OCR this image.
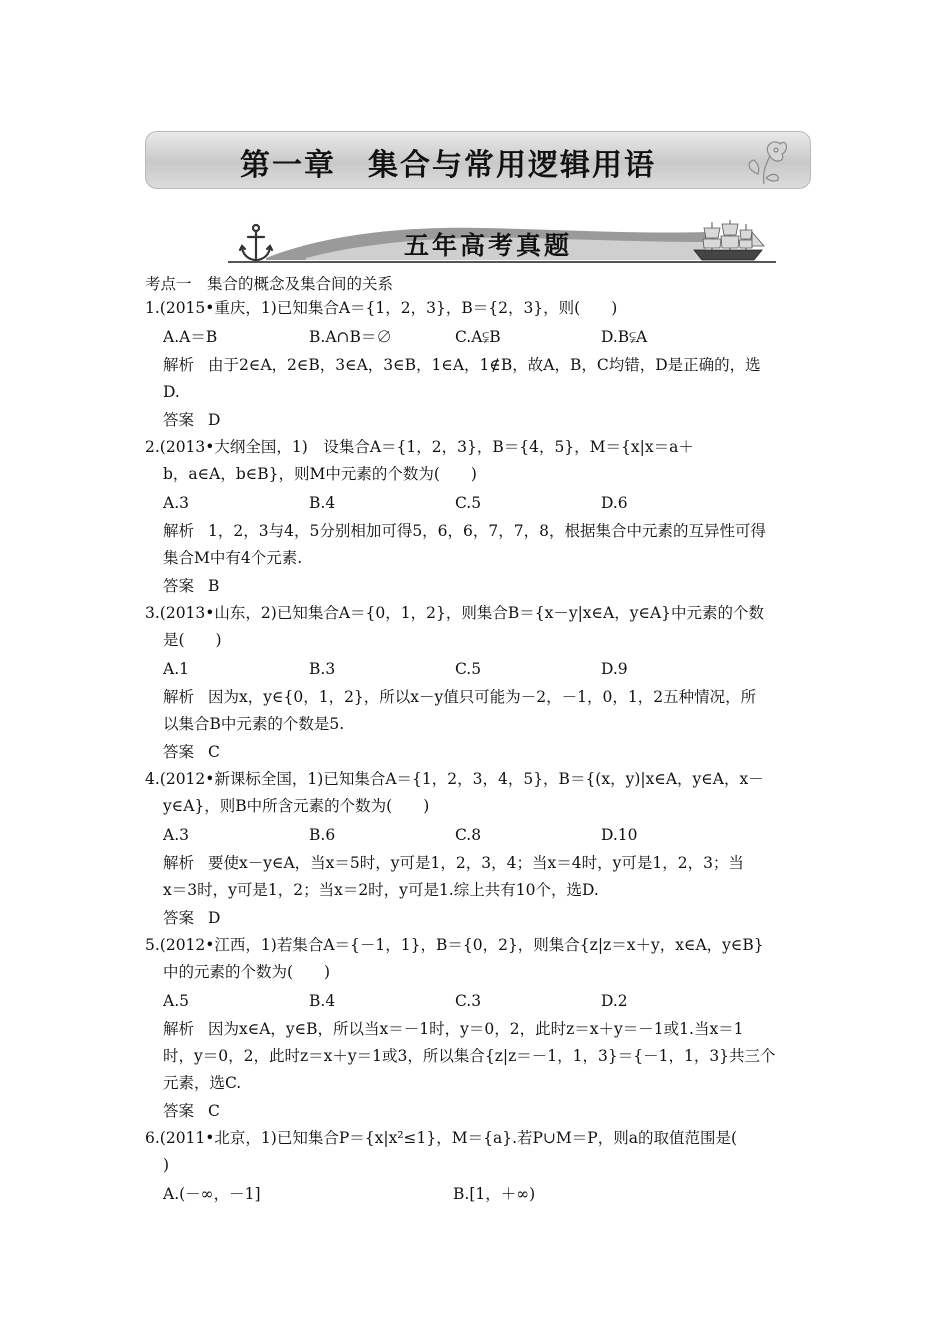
第一章　集合与常用逻辑用语
五年高考真题
考点一　集合的概念及集合间的关系
1.(2015•重庆，1)已知集合A＝{1，2，3}，B＝{2，3}，则(　　)
A.A＝B	B.A∩B＝∅	C.A⫋B	D.B⫋A
解析 由于2∈A，2∈B，3∈A，3∈B，1∈A，1∉B，故A，B，C均错，D是正确的，选
D.
答案 D
2.(2013•大纲全国，1)　设集合A＝{1，2，3}，B＝{4，5}，M＝{x|x＝a＋
b，a∈A，b∈B}，则M中元素的个数为(　　)
A.3	B.4	C.5	D.6
解析 1，2，3与4，5分别相加可得5，6，6，7，7，8，根据集合中元素的互异性可得
集合M中有4个元素.
答案 B
3.(2013•山东，2)已知集合A＝{0，1，2}，则集合B＝{x－y|x∈A，y∈A}中元素的个数
是(　　)
A.1	B.3	C.5	D.9
解析 因为x，y∈{0，1，2}，所以x－y值只可能为－2，－1，0，1，2五种情况，所
以集合B中元素的个数是5.
答案 C
4.(2012•新课标全国，1)已知集合A＝{1，2，3，4，5}，B＝{(x，y)|x∈A，y∈A，x－
y∈A}，则B中所含元素的个数为(　　)
A.3	B.6	C.8	D.10
解析 要使x－y∈A，当x＝5时，y可是1，2，3，4；当x＝4时，y可是1，2，3；当
x＝3时，y可是1，2；当x＝2时，y可是1.综上共有10个，选D.
答案 D
5.(2012•江西，1)若集合A＝{－1，1}，B＝{0，2}，则集合{z|z＝x＋y，x∈A，y∈B}
中的元素的个数为(　　)
A.5	B.4	C.3	D.2
解析 因为x∈A，y∈B，所以当x＝－1时，y＝0，2，此时z＝x＋y＝－1或1.当x＝1
时，y＝0，2，此时z＝x＋y＝1或3，所以集合{z|z＝－1，1，3}＝{－1，1，3}共三个
元素，选C.
答案 C
6.(2011•北京，1)已知集合P＝{x|x²≤1}，M＝{a}.若P∪M＝P，则a的取值范围是(
)
A.(－∞，－1]	B.[1，＋∞)
